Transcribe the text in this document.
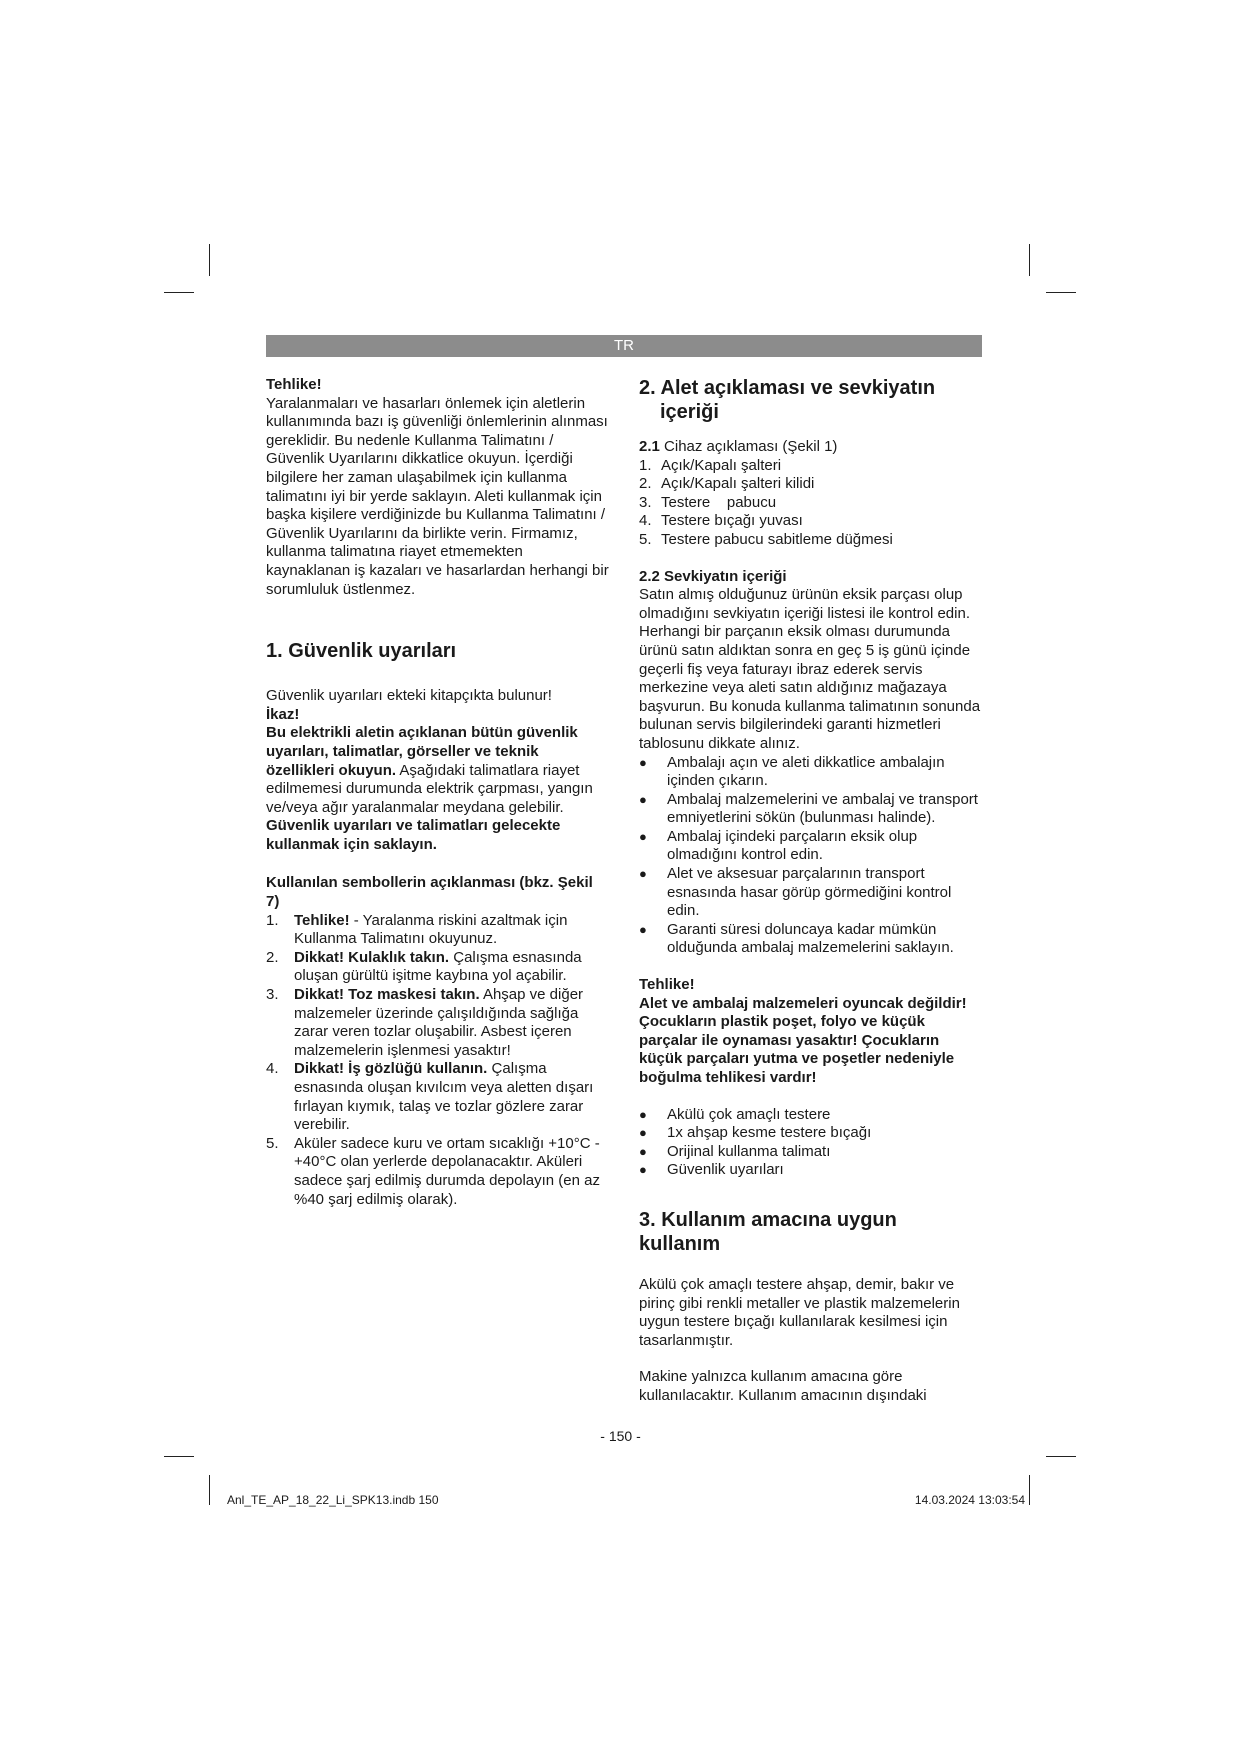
TR

Tehlike!

Yaralanmaları ve hasarları önlemek için aletlerin kullanımında bazı iş güvenliği önlemlerinin alınması gereklidir. Bu nedenle Kullanma Talimatını / Güvenlik Uyarılarını dikkatlice okuyun. İçerdiği bilgilere her zaman ulaşabilmek için kullanma talimatını iyi bir yerde saklayın. Aleti kullanmak için başka kişilere verdiğinizde bu Kullanma Talimatını / Güvenlik Uyarılarını da birlikte verin. Firmamız, kullanma talimatına riayet etmemekten kaynaklanan iş kazaları ve hasarlardan herhangi bir sorumluluk üstlenmez.

1. Güvenlik uyarıları

Güvenlik uyarıları ekteki kitapçıkta bulunur!

İkaz!

Bu elektrikli aletin açıklanan bütün güvenlik uyarıları, talimatlar, görseller ve teknik özellikleri okuyun. Aşağıdaki talimatlara riayet edilmemesi durumunda elektrik çarpması, yangın ve/veya ağır yaralanmalar meydana gelebilir.

Güvenlik uyarıları ve talimatları gelecekte kullanmak için saklayın.

Kullanılan sembollerin açıklanması (bkz. Şekil 7)

1.	Tehlike! - Yaralanma riskini azaltmak için Kullanma Talimatını okuyunuz.
2.	Dikkat! Kulaklık takın. Çalışma esnasında oluşan gürültü işitme kaybına yol açabilir.
3.	Dikkat! Toz maskesi takın. Ahşap ve diğer malzemeler üzerinde çalışıldığında sağlığa zarar veren tozlar oluşabilir. Asbest içeren malzemelerin işlenmesi yasaktır!
4.	Dikkat! İş gözlüğü kullanın. Çalışma esnasında oluşan kıvılcım veya aletten dışarı fırlayan kıymık, talaş ve tozlar gözlere zarar verebilir.
5.	Aküler sadece kuru ve ortam sıcaklığı +10°C - +40°C olan yerlerde depolanacaktır. Aküleri sadece şarj edilmiş durumda depolayın (en az %40 şarj edilmiş olarak).
2. Alet açıklaması ve sevkiyatın
içeriği

2.1 Cihaz açıklaması (Şekil 1)

1. Açık/Kapalı şalteri
2. Açık/Kapalı şalteri kilidi
3. Testere    pabucu
4. Testere bıçağı yuvası
5. Testere pabucu sabitleme düğmesi

2.2 Sevkiyatın içeriği

Satın almış olduğunuz ürünün eksik parçası olup olmadığını sevkiyatın içeriği listesi ile kontrol edin. Herhangi bir parçanın eksik olması durumunda ürünü satın aldıktan sonra en geç 5 iş günü içinde geçerli fiş veya faturayı ibraz ederek servis merkezine veya aleti satın aldığınız mağazaya başvurun. Bu konuda kullanma talimatının sonunda bulunan servis bilgilerindeki garanti hizmetleri tablosunu dikkate alınız.

●	Ambalajı açın ve aleti dikkatlice ambalajın içinden çıkarın.
●	Ambalaj malzemelerini ve ambalaj ve transport emniyetlerini sökün (bulunması halinde).
●	Ambalaj içindeki parçaların eksik olup olmadığını kontrol edin.
●	Alet ve aksesuar parçalarının transport esnasında hasar görüp görmediğini kontrol edin.
●	Garanti süresi doluncaya kadar mümkün olduğunda ambalaj malzemelerini saklayın.

Tehlike!

Alet ve ambalaj malzemeleri oyuncak değildir! Çocukların plastik poşet, folyo ve küçük parçalar ile oynaması yasaktır! Çocukların küçük parçaları yutma ve poşetler nedeniyle boğulma tehlikesi vardır!

●	Akülü çok amaçlı testere
●	1x ahşap kesme testere bıçağı
●	Orijinal kullanma talimatı
●	Güvenlik uyarıları
3. Kullanım amacına uygun kullanım

Akülü çok amaçlı testere ahşap, demir, bakır ve pirinç gibi renkli metaller ve plastik malzemelerin uygun testere bıçağı kullanılarak kesilmesi için tasarlanmıştır.

Makine yalnızca kullanım amacına göre kullanılacaktır. Kullanım amacının dışındaki

- 150 -
Anl_TE_AP_18_22_Li_SPK13.indb 150	14.03.2024 13:03:54
